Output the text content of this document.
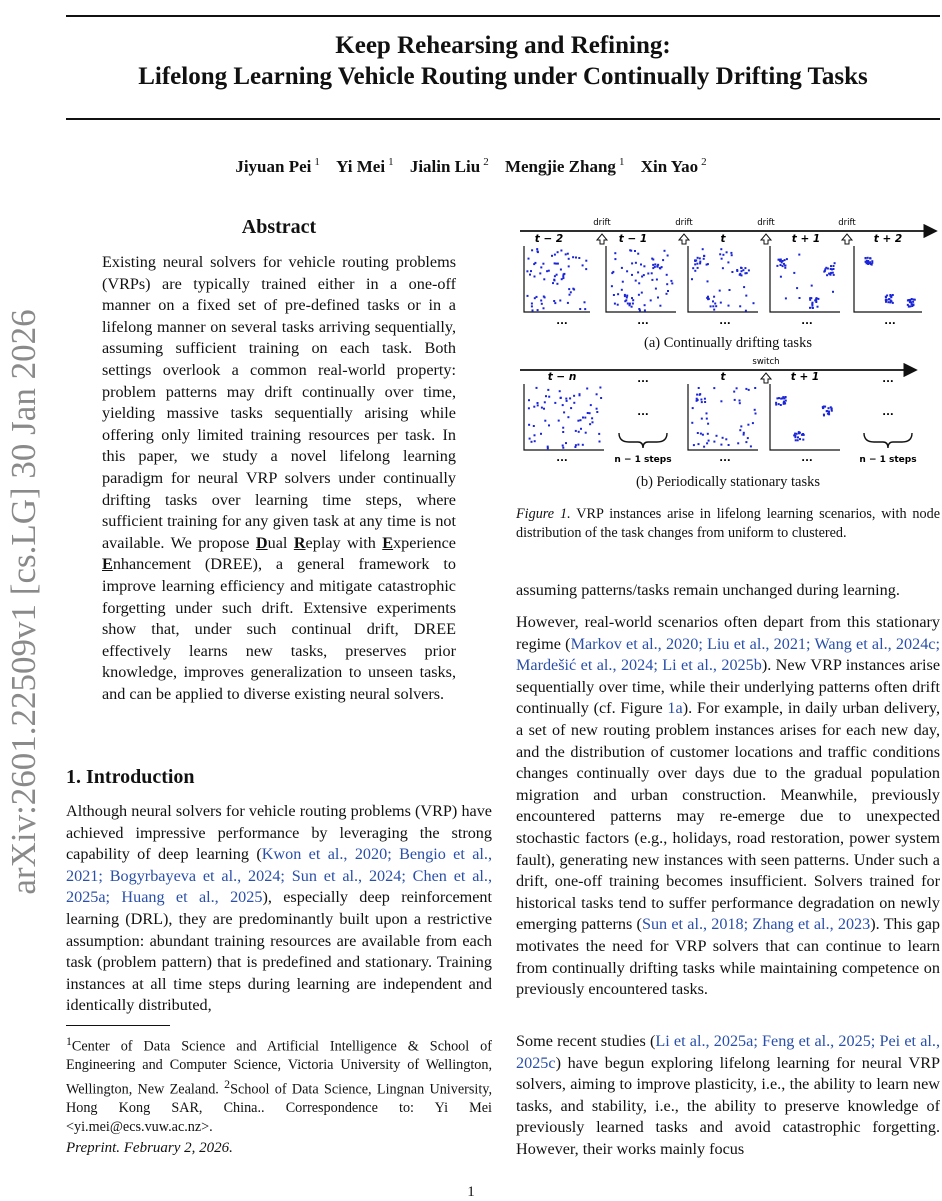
Keep Rehearsing and Refining:
Lifelong Learning Vehicle Routing under Continually Drifting Tasks
Jiyuan Pei $^1$ Yi Mei $^1$ Jialin Liu $^2$ Mengjie Zhang $^1$ Xin Yao $^2$
arXiv:2601.22509v1 [cs.LG] 30 Jan 2026
Abstract

Existing neural solvers for vehicle routing problems (VRPs) are typically trained either in a one-off manner on a fixed set of pre-defined tasks or in a lifelong manner on several tasks arriving sequentially, assuming sufficient training on each task. Both settings overlook a common real-world property: problem patterns may drift continually over time, yielding massive tasks sequentially arising while offering only limited training resources per task. In this paper, we study a novel lifelong learning paradigm for neural VRP solvers under continually drifting tasks over learning time steps, where sufficient training for any given task at any time is not available. We propose Dual Replay with Experience Enhancement (DREE), a general framework to improve learning efficiency and mitigate catastrophic forgetting under such drift. Extensive experiments show that, under such continual drift, DREE effectively learns new tasks, preserves prior knowledge, improves generalization to unseen tasks, and can be applied to diverse existing neural solvers.

1. Introduction

Although neural solvers for vehicle routing problems (VRP) have achieved impressive performance by leveraging the strong capability of deep learning (Kwon et al., 2020; Bengio et al., 2021; Bogyrbayeva et al., 2024; Sun et al., 2024; Chen et al., 2025a; Huang et al., 2025), especially deep reinforcement learning (DRL), they are predominantly built upon a restrictive assumption: abundant training resources are available from each task (problem pattern) that is predefined and stationary. Training instances at all time steps during learning are independent and identically distributed,

$^1$Center of Data Science and Artificial Intelligence & School of Engineering and Computer Science, Victoria University of Wellington, Wellington, New Zealand. $^2$School of Data Science, Lingnan University, Hong Kong SAR, China.. Correspondence to: Yi Mei <yi.mei@ecs.vuw.ac.nz>.
Preprint. February 2, 2026.
1
t − 2	t − 1	t	t + 1	t + 2
drift	drift	drift	drift
...	...	...	...	...
switch
t − n	...	t	t + 1	...
...	...
n − 1 steps	n − 1 steps
...	...	...
(a) Continually drifting tasks
(b) Periodically stationary tasks
Figure 1. VRP instances arise in lifelong learning scenarios, with node distribution of the task changes from uniform to clustered.

assuming patterns/tasks remain unchanged during learning.

However, real-world scenarios often depart from this stationary regime (Markov et al., 2020; Liu et al., 2021; Wang et al., 2024c; Mardešić et al., 2024; Li et al., 2025b). New VRP instances arise sequentially over time, while their underlying patterns often drift continually (cf. Figure 1a). For example, in daily urban delivery, a set of new routing problem instances arises for each new day, and the distribution of customer locations and traffic conditions changes continually over days due to the gradual population migration and urban construction. Meanwhile, previously encountered patterns may re-emerge due to unexpected stochastic factors (e.g., holidays, road restoration, power system fault), generating new instances with seen patterns. Under such a drift, one-off training becomes insufficient. Solvers trained for historical tasks tend to suffer performance degradation on newly emerging patterns (Sun et al., 2018; Zhang et al., 2023). This gap motivates the need for VRP solvers that can continue to learn from continually drifting tasks while maintaining competence on previously encountered tasks.

Some recent studies (Li et al., 2025a; Feng et al., 2025; Pei et al., 2025c) have begun exploring lifelong learning for neural VRP solvers, aiming to improve plasticity, i.e., the ability to learn new tasks, and stability, i.e., the ability to preserve knowledge of previously learned tasks and avoid catastrophic forgetting. However, their works mainly focus
